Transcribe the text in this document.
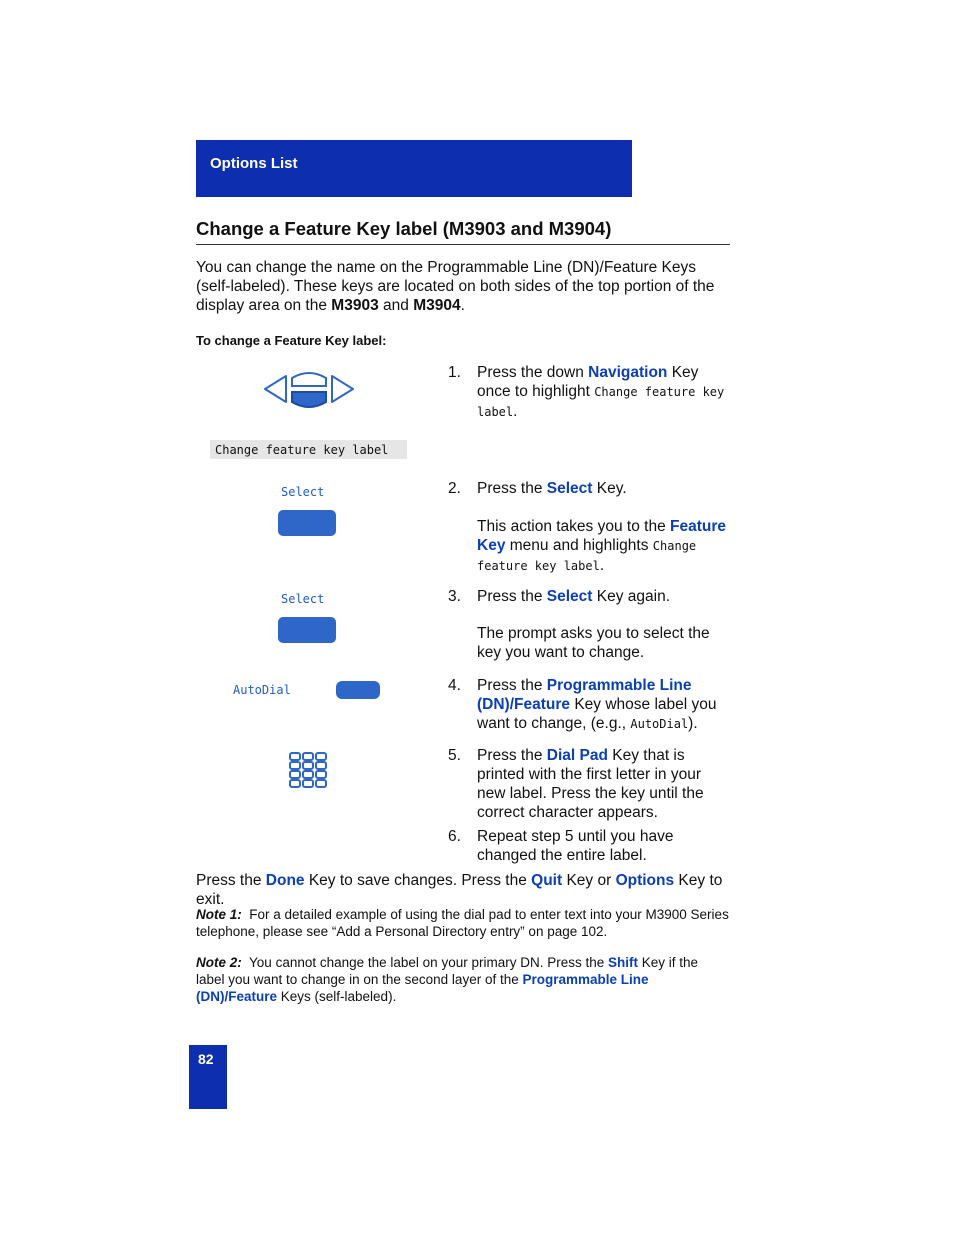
Options List
Change a Feature Key label (M3903 and M3904)
You can change the name on the Programmable Line (DN)/Feature Keys (self-labeled). These keys are located on both sides of the top portion of the display area on the M3903 and M3904.
To change a Feature Key label:
Change feature key label
Select
Select
AutoDial
1. Press the down Navigation Key once to highlight Change feature key label.
2. Press the Select Key.
This action takes you to the Feature Key menu and highlights Change feature key label.
3. Press the Select Key again.
The prompt asks you to select the key you want to change.
4. Press the Programmable Line (DN)/Feature Key whose label you want to change, (e.g., AutoDial).
5. Press the Dial Pad Key that is printed with the first letter in your new label. Press the key until the correct character appears.
6. Repeat step 5 until you have changed the entire label.
Press the Done Key to save changes. Press the Quit Key or Options Key to exit.
Note 1: For a detailed example of using the dial pad to enter text into your M3900 Series telephone, please see “Add a Personal Directory entry” on page 102.
Note 2: You cannot change the label on your primary DN. Press the Shift Key if the label you want to change in on the second layer of the Programmable Line (DN)/Feature Keys (self-labeled).
82
